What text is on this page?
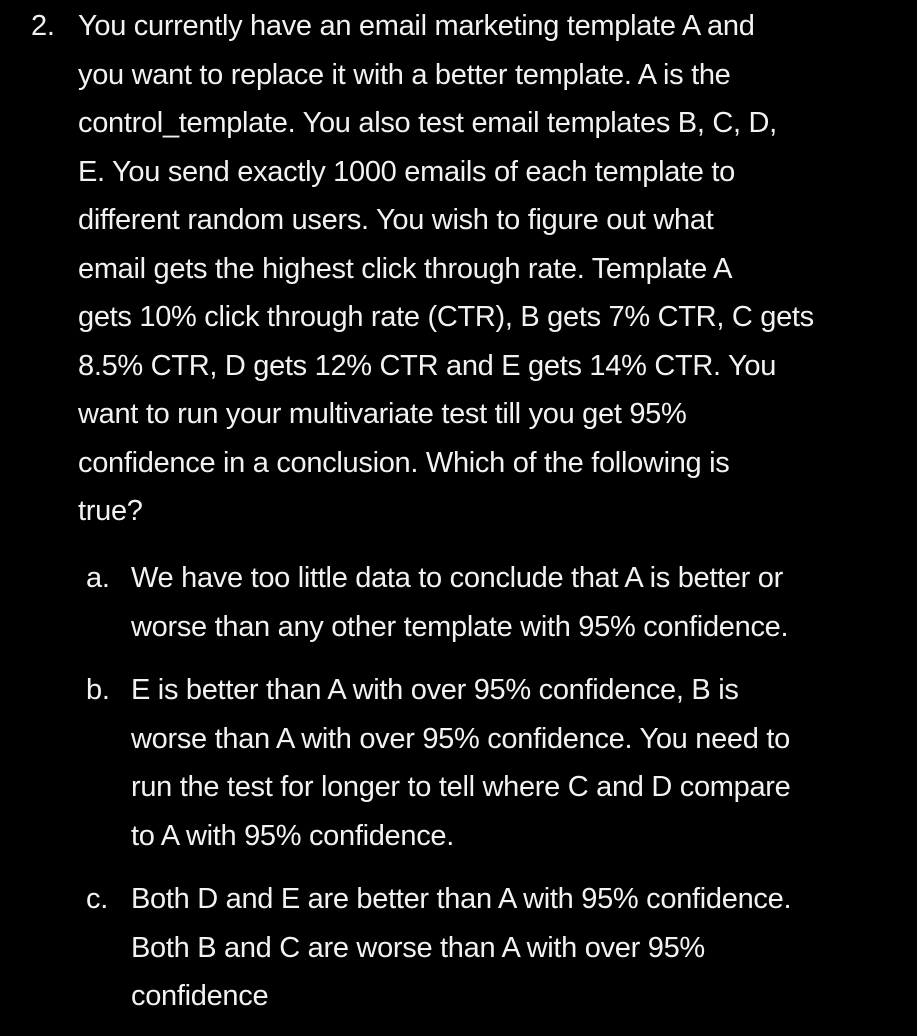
2. You currently have an email marketing template A and
you want to replace it with a better template. A is the
control_template. You also test email templates B, C, D,
E. You send exactly 1000 emails of each template to
different random users. You wish to figure out what
email gets the highest click through rate. Template A
gets 10% click through rate (CTR), B gets 7% CTR, C gets
8.5% CTR, D gets 12% CTR and E gets 14% CTR. You
want to run your multivariate test till you get 95%
confidence in a conclusion. Which of the following is
true?
a. We have too little data to conclude that A is better or
worse than any other template with 95% confidence.
b. E is better than A with over 95% confidence, B is
worse than A with over 95% confidence. You need to
run the test for longer to tell where C and D compare
to A with 95% confidence.
c. Both D and E are better than A with 95% confidence.
Both B and C are worse than A with over 95%
confidence
